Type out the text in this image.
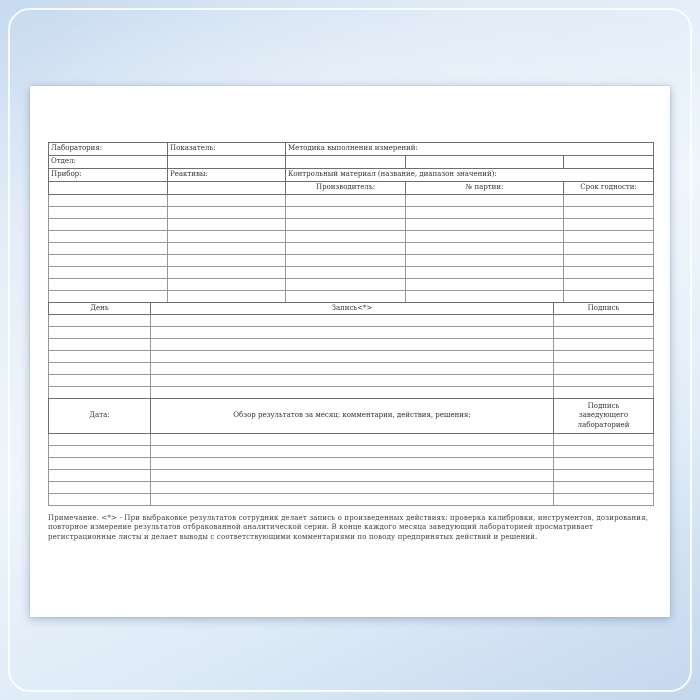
Лаборатория:	Показатель:	Методика выполнения измерений:		
Отдел:				
Прибор:	Реактивы:	Контрольный материал (название, диапазон значений):		
		Производитель:	№ партии:	Срок годности:

День	Запись<*>	Подпись

Дата:	Обзор результатов за месяц: комментарии, действия, решения:	Подпись заведующего лабораторией

Примечание. <*> - При выбраковке результатов сотрудник делает запись о произведенных действиях: проверка калибровки, инструментов, дозирования, повторное измерение результатов отбракованной аналитической серии. В конце каждого месяца заведующий лабораторией просматривает регистрационные листы и делает выводы с соответствующими комментариями по поводу предпринятых действий и решений.
